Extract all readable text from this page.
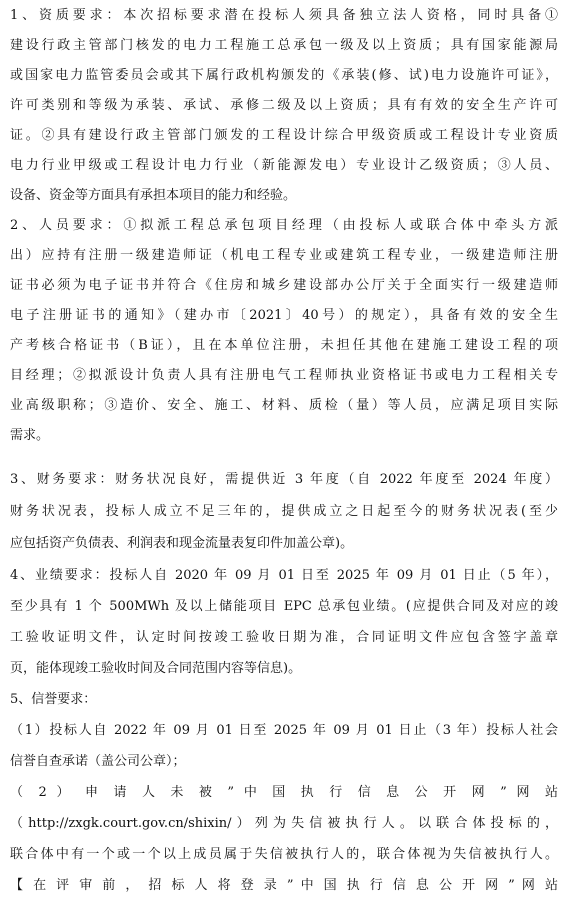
1、资质要求：本次招标要求潜在投标人须具备独立法人资格，同时具备①
建设行政主管部门核发的电力工程施工总承包一级及以上资质；具有国家能源局
或国家电力监管委员会或其下属行政机构颁发的《承装(修、试)电力设施许可证》，
许可类别和等级为承装、承试、承修二级及以上资质；具有有效的安全生产许可
证。②具有建设行政主管部门颁发的工程设计综合甲级资质或工程设计专业资质
电力行业甲级或工程设计电力行业（新能源发电）专业设计乙级资质；③人员、
设备、资金等方面具有承担本项目的能力和经验。
2、人员要求：①拟派工程总承包项目经理（由投标人或联合体中牵头方派
出）应持有注册一级建造师证（机电工程专业或建筑工程专业，一级建造师注册
证书必须为电子证书并符合《住房和城乡建设部办公厅关于全面实行一级建造师
电子注册证书的通知》（建办市〔2021〕40号）的规定），具备有效的安全生
产考核合格证书（B证），且在本单位注册，未担任其他在建施工建设工程的项
目经理；②拟派设计负责人具有注册电气工程师执业资格证书或电力工程相关专
业高级职称；③造价、安全、施工、材料、质检（量）等人员，应满足项目实际
需求。
3、财务要求：财务状况良好，需提供近 3 年度（自 2022 年度至 2024 年度）
财务状况表，投标人成立不足三年的，提供成立之日起至今的财务状况表(至少
应包括资产负债表、利润表和现金流量表复印件加盖公章)。
4、业绩要求：投标人自 2020 年 09 月 01 日至 2025 年 09 月 01 日止（5 年），
至少具有 1 个 500MWh 及以上储能项目 EPC 总承包业绩。(应提供合同及对应的竣
工验收证明文件，认定时间按竣工验收日期为准，合同证明文件应包含签字盖章
页，能体现竣工验收时间及合同范围内容等信息)。
5、信誉要求：
（1）投标人自 2022 年 09 月 01 日至 2025 年 09 月 01 日止（3 年）投标人社会
信誉自查承诺（盖公司公章）；
（ 2 ） 申 请 人 未 被 ” 中 国 执 行 信 息 公 开 网 ” 网 站
（http://zxgk.court.gov.cn/shixin/）列为失信被执行人。以联合体投标的，
联合体中有一个或一个以上成员属于失信被执行人的，联合体视为失信被执行人。
【 在 评 审 前 ， 招 标 人 将 登 录 ” 中 国 执 行 信 息 公 开 网 ” 网 站
